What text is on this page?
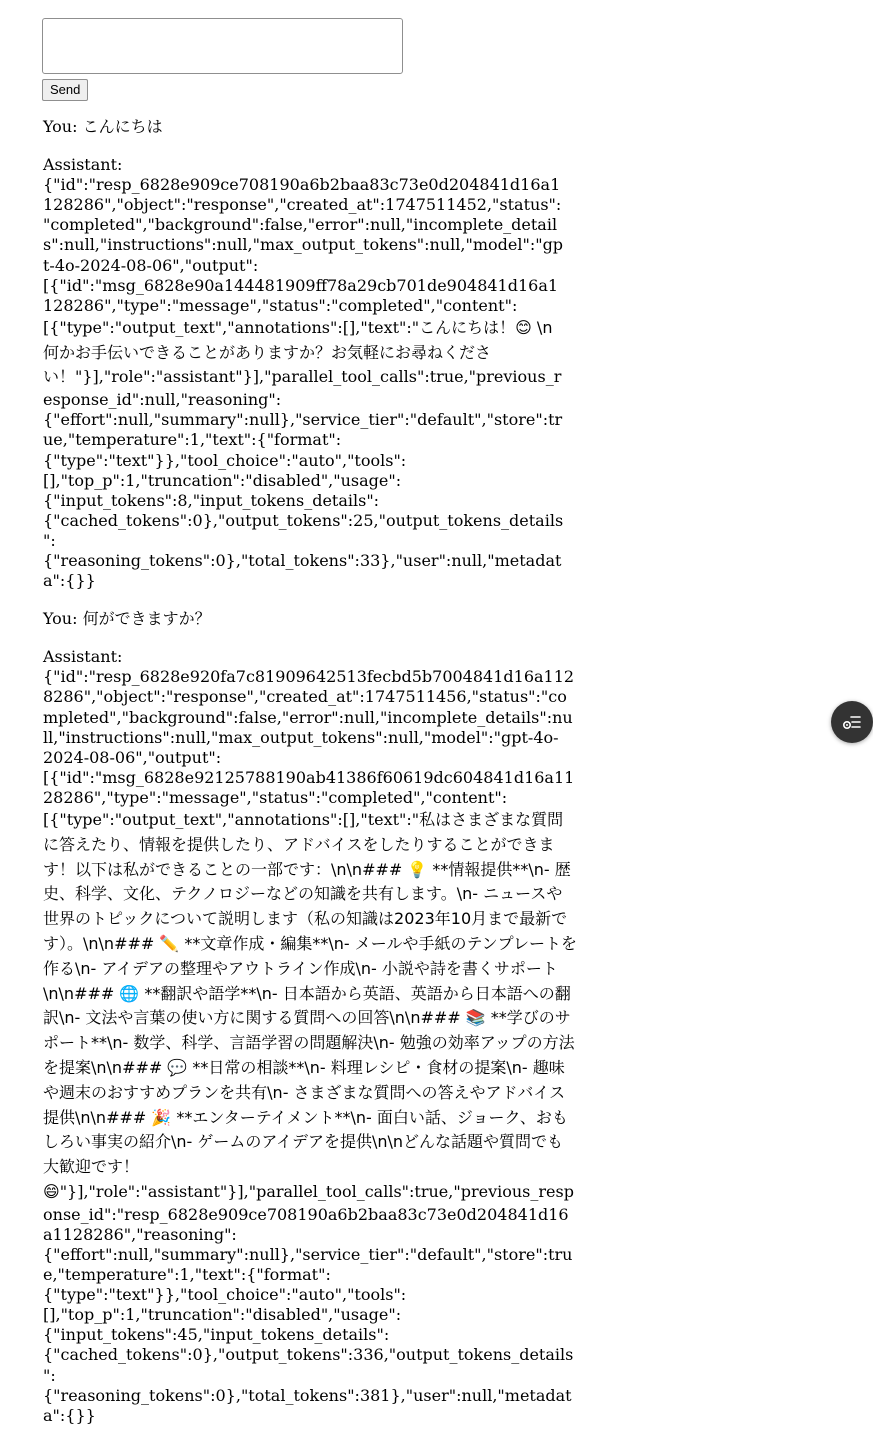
Send
You: こんにちは
Assistant:
{"id":"resp_6828e909ce708190a6b2baa83c73e0d204841d16a1128286","object":"response","created_at":1747511452,"status":"completed","background":false,"error":null,"incomplete_details":null,"instructions":null,"max_output_tokens":null,"model":"gpt-4o-2024-08-06","output":[{"id":"msg_6828e90a144481909ff78a29cb701de904841d16a1128286","type":"message","status":"completed","content":[{"type":"output_text","annotations":[],"text":"こんにちは！😊 \n何かお手伝いできることがありますか？お気軽にお尋ねください！"}],"role":"assistant"}],"parallel_tool_calls":true,"previous_response_id":null,"reasoning":{"effort":null,"summary":null},"service_tier":"default","store":true,"temperature":1,"text":{"format":{"type":"text"}},"tool_choice":"auto","tools":[],"top_p":1,"truncation":"disabled","usage":{"input_tokens":8,"input_tokens_details":{"cached_tokens":0},"output_tokens":25,"output_tokens_details":{"reasoning_tokens":0},"total_tokens":33},"user":null,"metadata":{}}
You: 何ができますか？
Assistant:
{"id":"resp_6828e920fa7c81909642513fecbd5b7004841d16a1128286","object":"response","created_at":1747511456,"status":"completed","background":false,"error":null,"incomplete_details":null,"instructions":null,"max_output_tokens":null,"model":"gpt-4o-2024-08-06","output":[{"id":"msg_6828e92125788190ab41386f60619dc604841d16a1128286","type":"message","status":"completed","content":[{"type":"output_text","annotations":[],"text":"私はさまざまな質問に答えたり、情報を提供したり、アドバイスをしたりすることができます！以下は私ができることの一部です：\n\n### 💡 **情報提供**\n- 歴史、科学、文化、テクノロジーなどの知識を共有します。\n- ニュースや世界のトピックについて説明します（私の知識は2023年10月まで最新です）。\n\n### ✏️ **文章作成・編集**\n- メールや手紙のテンプレートを作る\n- アイデアの整理やアウトライン作成\n- 小説や詩を書くサポート\n\n### 🌐 **翻訳や語学**\n- 日本語から英語、英語から日本語への翻訳\n- 文法や言葉の使い方に関する質問への回答\n\n### 📚 **学びのサポート**\n- 数学、科学、言語学習の問題解決\n- 勉強の効率アップの方法を提案\n\n### 💬 **日常の相談**\n- 料理レシピ・食材の提案\n- 趣味や週末のおすすめプランを共有\n- さまざまな質問への答えやアドバイス提供\n\n### 🎉 **エンターテイメント**\n- 面白い話、ジョーク、おもしろい事実の紹介\n- ゲームのアイデアを提供\n\nどんな話題や質問でも大歓迎です！😄"}],"role":"assistant"}],"parallel_tool_calls":true,"previous_response_id":"resp_6828e909ce708190a6b2baa83c73e0d204841d16a1128286","reasoning":{"effort":null,"summary":null},"service_tier":"default","store":true,"temperature":1,"text":{"format":{"type":"text"}},"tool_choice":"auto","tools":[],"top_p":1,"truncation":"disabled","usage":{"input_tokens":45,"input_tokens_details":{"cached_tokens":0},"output_tokens":336,"output_tokens_details":{"reasoning_tokens":0},"total_tokens":381},"user":null,"metadata":{}}
